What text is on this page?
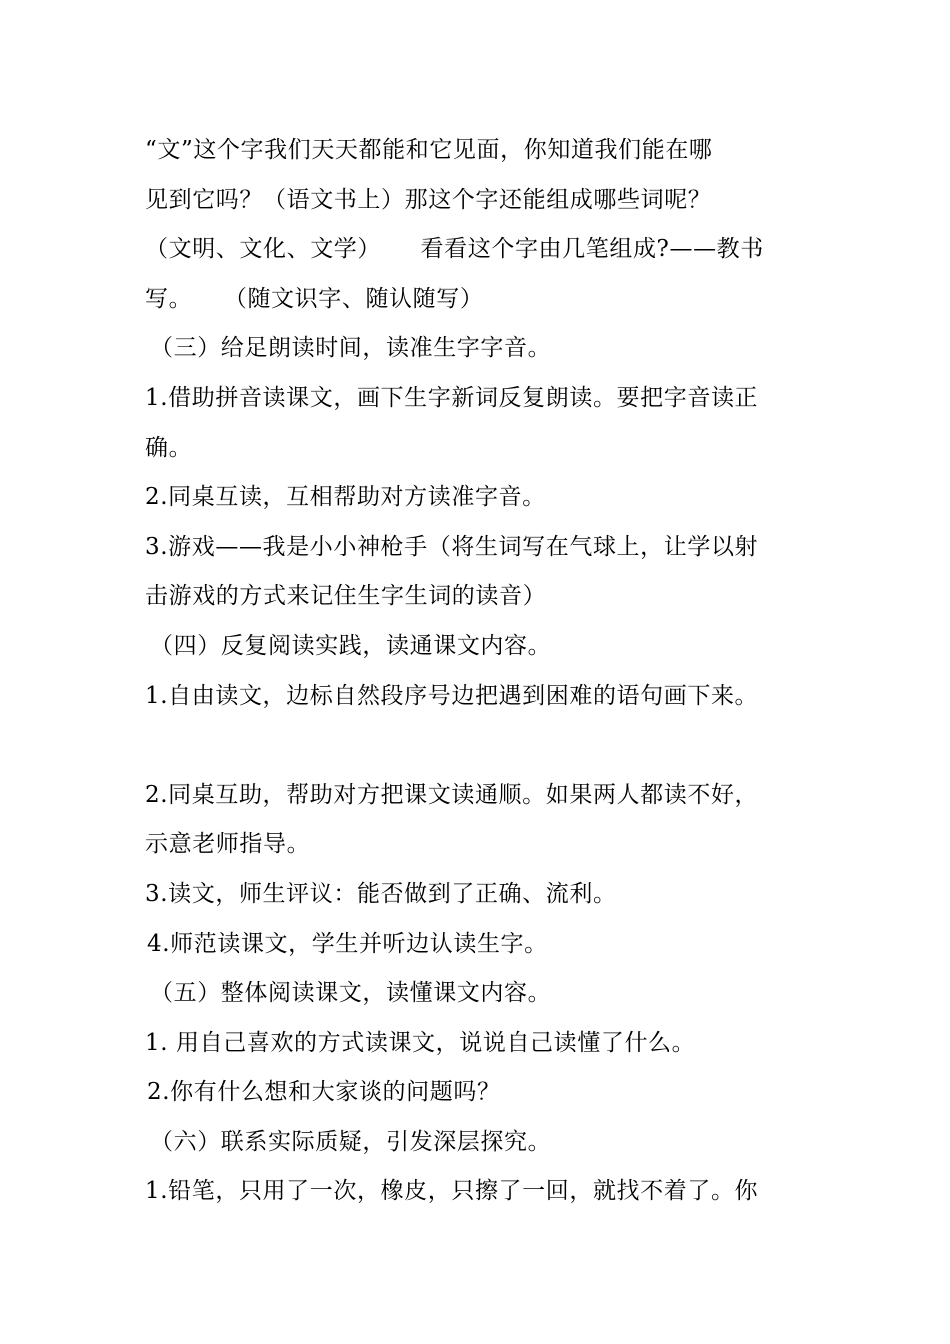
“文”这个字我们天天都能和它见面，你知道我们能在哪
见到它吗？（语文书上）那这个字还能组成哪些词呢？
（文明、文化、文学）     看看这个字由几笔组成?——教书
写。    （随文识字、随认随写）
（三）给足朗读时间，读准生字字音。
1.借助拼音读课文，画下生字新词反复朗读。要把字音读正
确。
2.同桌互读，互相帮助对方读准字音。
3.游戏——我是小小神枪手（将生词写在气球上，让学以射
击游戏的方式来记住生字生词的读音）
（四）反复阅读实践，读通课文内容。
1.自由读文，边标自然段序号边把遇到困难的语句画下来。
2.同桌互助，帮助对方把课文读通顺。如果两人都读不好，
示意老师指导。
3.读文，师生评议：能否做到了正确、流利。
4.师范读课文，学生并听边认读生字。
（五）整体阅读课文，读懂课文内容。
1. 用自己喜欢的方式读课文，说说自己读懂了什么。
2.你有什么想和大家谈的问题吗？
（六）联系实际质疑，引发深层探究。
1.铅笔，只用了一次，橡皮，只擦了一回，就找不着了。你
